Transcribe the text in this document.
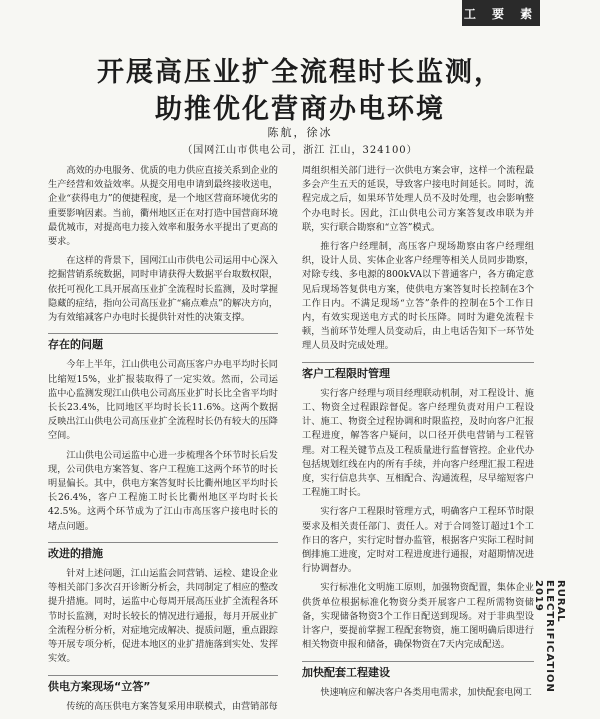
工 要 素
开展高压业扩全流程时长监测，
助推优化营商办电环境
陈航，徐冰
（国网江山市供电公司，浙江 江山，324100）

高效的办电服务、优质的电力供应直接关系到企业的生产经营和效益效率。从提交用电申请到最终接收送电，企业“获得电力”的便捷程度，是一个地区营商环境优劣的重要影响因素。当前，衢州地区正在对打造中国营商环境最优城市，对提高电力接入效率和服务水平提出了更高的要求。

在这样的背景下，国网江山市供电公司运用中心深入挖掘营销系统数据，同时申请获得大数据平台取数权限，依托可视化工具开展高压业扩全流程时长监测，及时掌握隐藏的症结，指向公司高压业扩“痛点难点”的解决方向，为有效缩减客户办电时长提供针对性的决策支撑。

存在的问题

今年上半年，江山供电公司高压客户办电平均时长同比缩短15%，业扩报装取得了一定实效。然而，公司运监中心监测发现江山供电公司高压业扩时长比全省平均时长长23.4%，比同地区平均时长长11.6%。这两个数据反映出江山供电公司高压业扩全流程时长仍有较大的压降空间。

江山供电公司运监中心进一步梳理各个环节时长后发现，公司供电方案答复、客户工程施工这两个环节的时长明显偏长。其中，供电方案答复时长比衢州地区平均时长长26.4%，客户工程施工时长比衢州地区平均时长长42.5%。这两个环节成为了江山市高压客户接电时长的堵点问题。

改进的措施

针对上述问题，江山运监会同营销、运检、建设企业等相关部门多次召开诊断分析会，共同制定了相应的整改提升措施。同时，运监中心每周开展高压业扩全流程各环节时长监测，对时长较长的情况进行通报，每月开展业扩全流程分析分析，对症地完成解决、提质问题，重点跟踪等开展专项分析，促进本地区的业扩措施落到实处、发挥实效。

供电方案现场“立答”

传统的高压供电方案答复采用串联模式，由营销部每

周组织相关部门进行一次供电方案会审，这样一个流程最多会产生五天的延误，导致客户接电时间延长。同时，流程完成之后，如果环节处理人员不及时处理，也会影响整个办电时长。因此，江山供电公司方案答复改串联为并联，实行联合勘察和“立答”模式。

推行客户经理制，高压客户现场勘察由客户经理组织，设计人员、实体企业客户经理等相关人员同步勘察，对除专线、多电源的800kVA以下普通客户，各方确定意见后现场答复供电方案，使供电方案答复时长控制在3个工作日内。不满足现场“立答”条件的控制在5个工作日内，有效实现送电方式的时长压降。同时为避免流程卡顿，当前环节处理人员变动后，由上电话告知下一环节处理人员及时完成处理。

客户工程限时管理

实行客户经理与项目经理联动机制，对工程设计、施工、物资全过程跟踪督促。客户经理负责对用户工程设计、施工、物资全过程协调和时限监控，及时向客户汇报工程进度，解答客户疑问，以口径开供电营销与工程管理。对工程关键节点及工程质量进行监督管控。企业代办包括规划红线在内的所有手续，并向客户经理汇报工程进度，实行信息共享、互相配合、沟通流程，尽早缩短客户工程施工时长。

实行客户工程限时管理方式，明确客户工程环节时限要求及相关责任部门、责任人。对于合同签订超过1个工作日的客户，实行定时督办监管，根据客户实际工程时间倒排施工进度，定时对工程进度进行通报，对超期情况进行协调督办。

实行标准化文明施工原则，加强物资配置，集体企业供货单位根据标准化物资分类开展客户工程所需物资储备，实现储备物资3个工作日配送到现场。对于非典型设计客户，要提前掌握工程配套物资，施工图明确后即进行相关物资申报和储备，确保物资在7天内完成配送。

加快配套工程建设

快速响应和解决客户各类用电需求，加快配套电网工

RURAL ELECTRIFICATION 2019
